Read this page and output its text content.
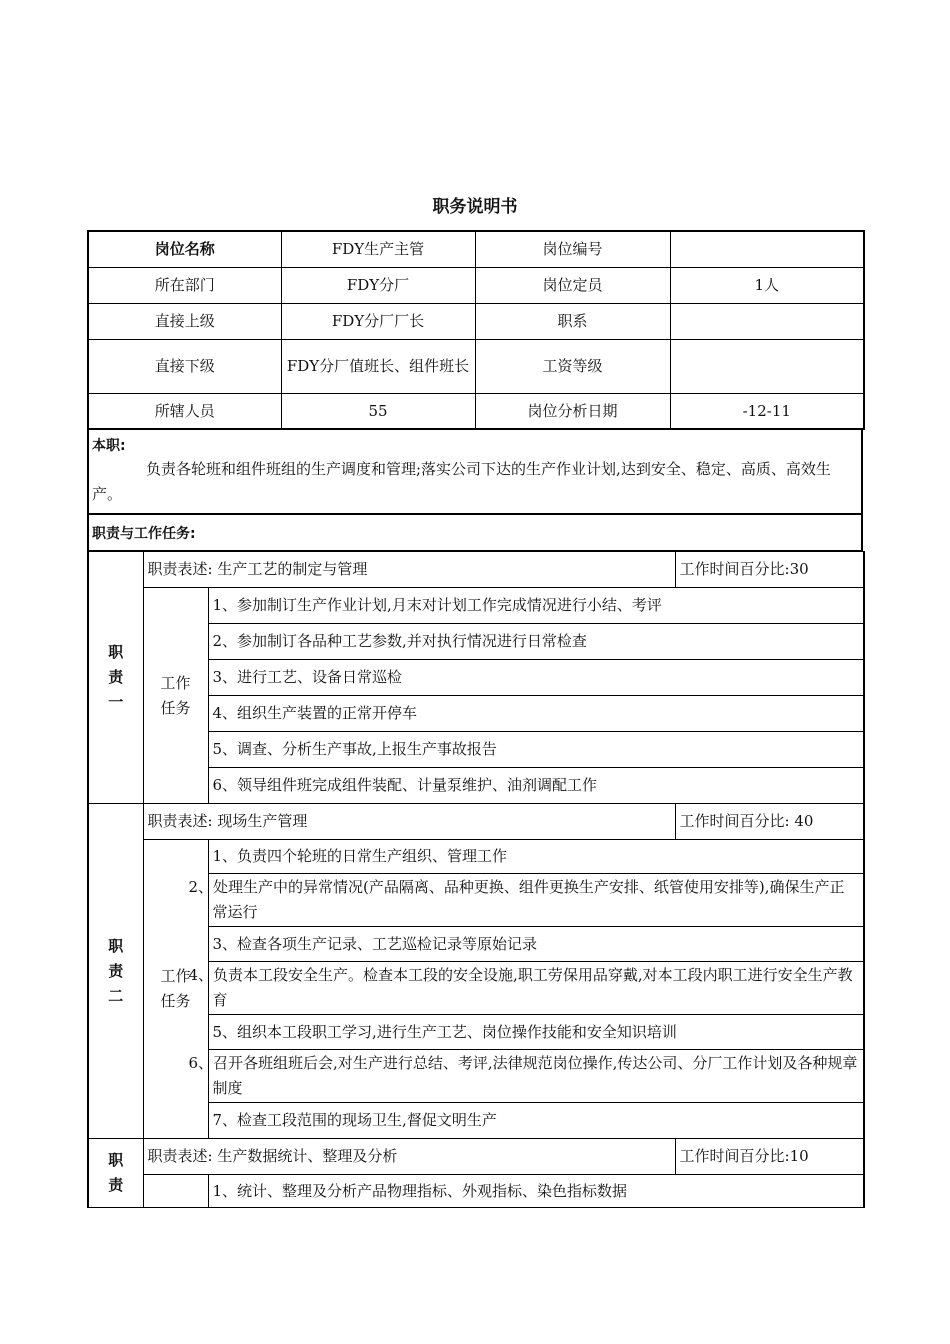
职务说明书
岗位名称	FDY生产主管	岗位编号	
所在部门	FDY分厂	岗位定员	1人
直接上级	FDY分厂厂长	职系	
直接下级	FDY分厂值班长、组件班长	工资等级	
所辖人员	55	岗位分析日期	-12-11
本职:
负责各轮班和组件班组的生产调度和管理;落实公司下达的生产作业计划,达到安全、稳定、高质、高效生产。
职责与工作任务:
职
责
一	职责表述: 生产工艺的制定与管理		工作时间百分比:30

	工作任务	1、参加制订生产作业计划,月末对计划工作完成情况进行小结、考评	
		2、参加制订各品种工艺参数,并对执行情况进行日常检查	
		3、进行工艺、设备日常巡检	
		4、组织生产装置的正常开停车	
		5、调查、分析生产事故,上报生产事故报告	
		6、领导组件班完成组件装配、计量泵维护、油剂调配工作	

职
责
二	职责表述: 现场生产管理		工作时间百分比: 40

	工作任务	1、负责四个轮班的日常生产组织、管理工作	
		2、处理生产中的异常情况(产品隔离、品种更换、组件更换生产安排、纸管使用安排等),确保生产正常运行	
		3、检查各项生产记录、工艺巡检记录等原始记录	
		4、负责本工段安全生产。检查本工段的安全设施,职工劳保用品穿戴,对本工段内职工进行安全生产教育	
		5、组织本工段职工学习,进行生产工艺、岗位操作技能和安全知识培训	
		6、召开各班组班后会,对生产进行总结、考评,法律规范岗位操作,传达公司、分厂工作计划及各种规章制度	
		7、检查工段范围的现场卫生,督促文明生产	

职
责	职责表述: 生产数据统计、整理及分析		工作时间百分比:10
		1、统计、整理及分析产品物理指标、外观指标、染色指标数据	
